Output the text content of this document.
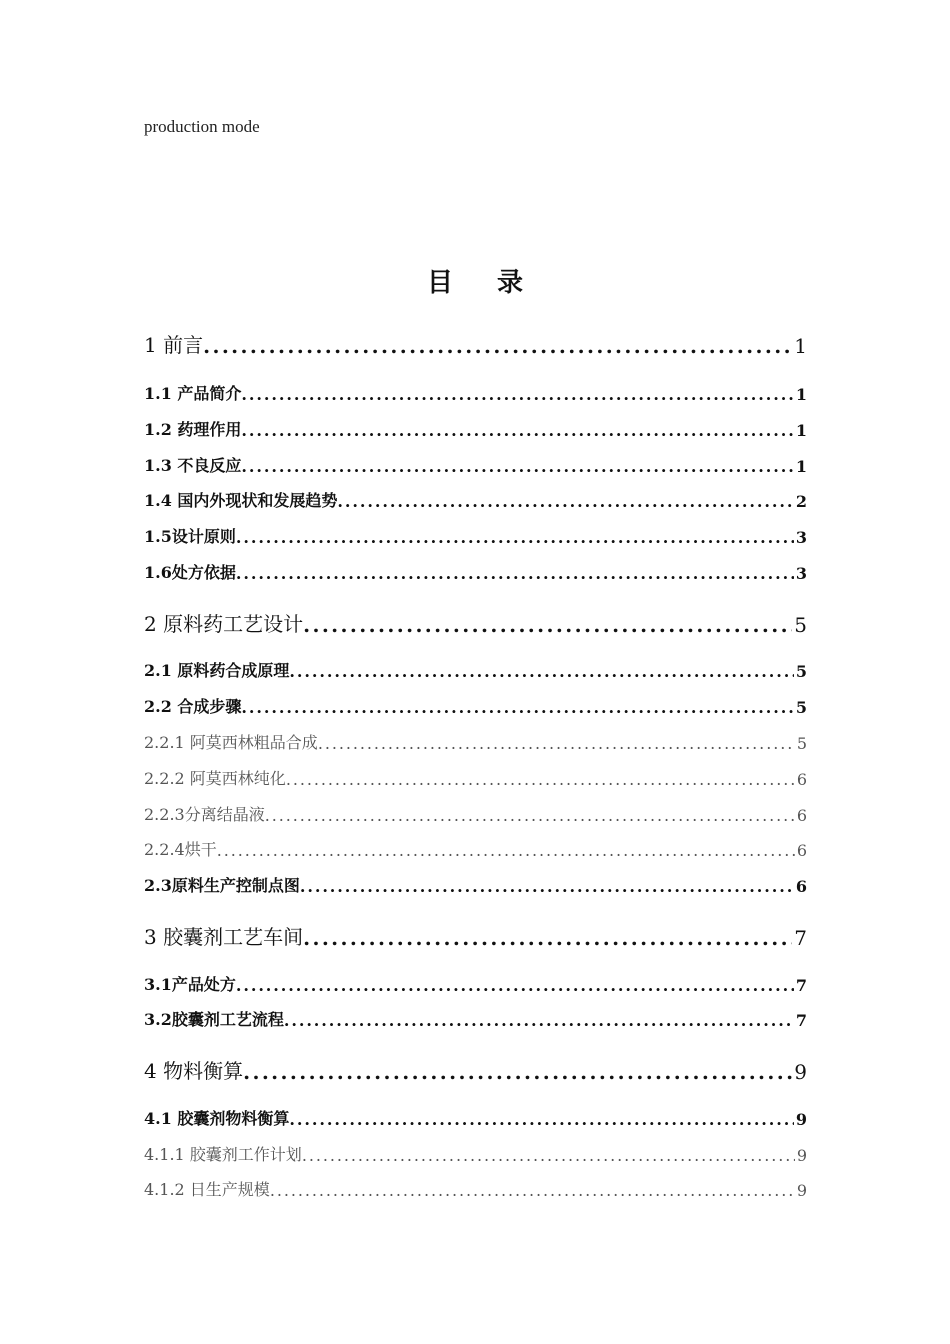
production mode
目 录
1 前言 .....	1
1.1 产品简介 .....	1
1.2 药理作用 .....	1
1.3 不良反应 .....	1
1.4 国内外现状和发展趋势 .....	2
1.5设计原则 .....	3
1.6处方依据 .....	3
2 原料药工艺设计 .....	5
2.1 原料药合成原理 .....	5
2.2 合成步骤 .....	5
2.2.1 阿莫西林粗品合成 .....	5
2.2.2 阿莫西林纯化 .....	6
2.2.3分离结晶液 .....	6
2.2.4烘干 .....	6
2.3原料生产控制点图 .....	6
3 胶囊剂工艺车间 .....	7
3.1产品处方 .....	7
3.2胶囊剂工艺流程 .....	7
4 物料衡算 .....	9
4.1 胶囊剂物料衡算 .....	9
4.1.1 胶囊剂工作计划 .....	9
4.1.2 日生产规模 .....	9
